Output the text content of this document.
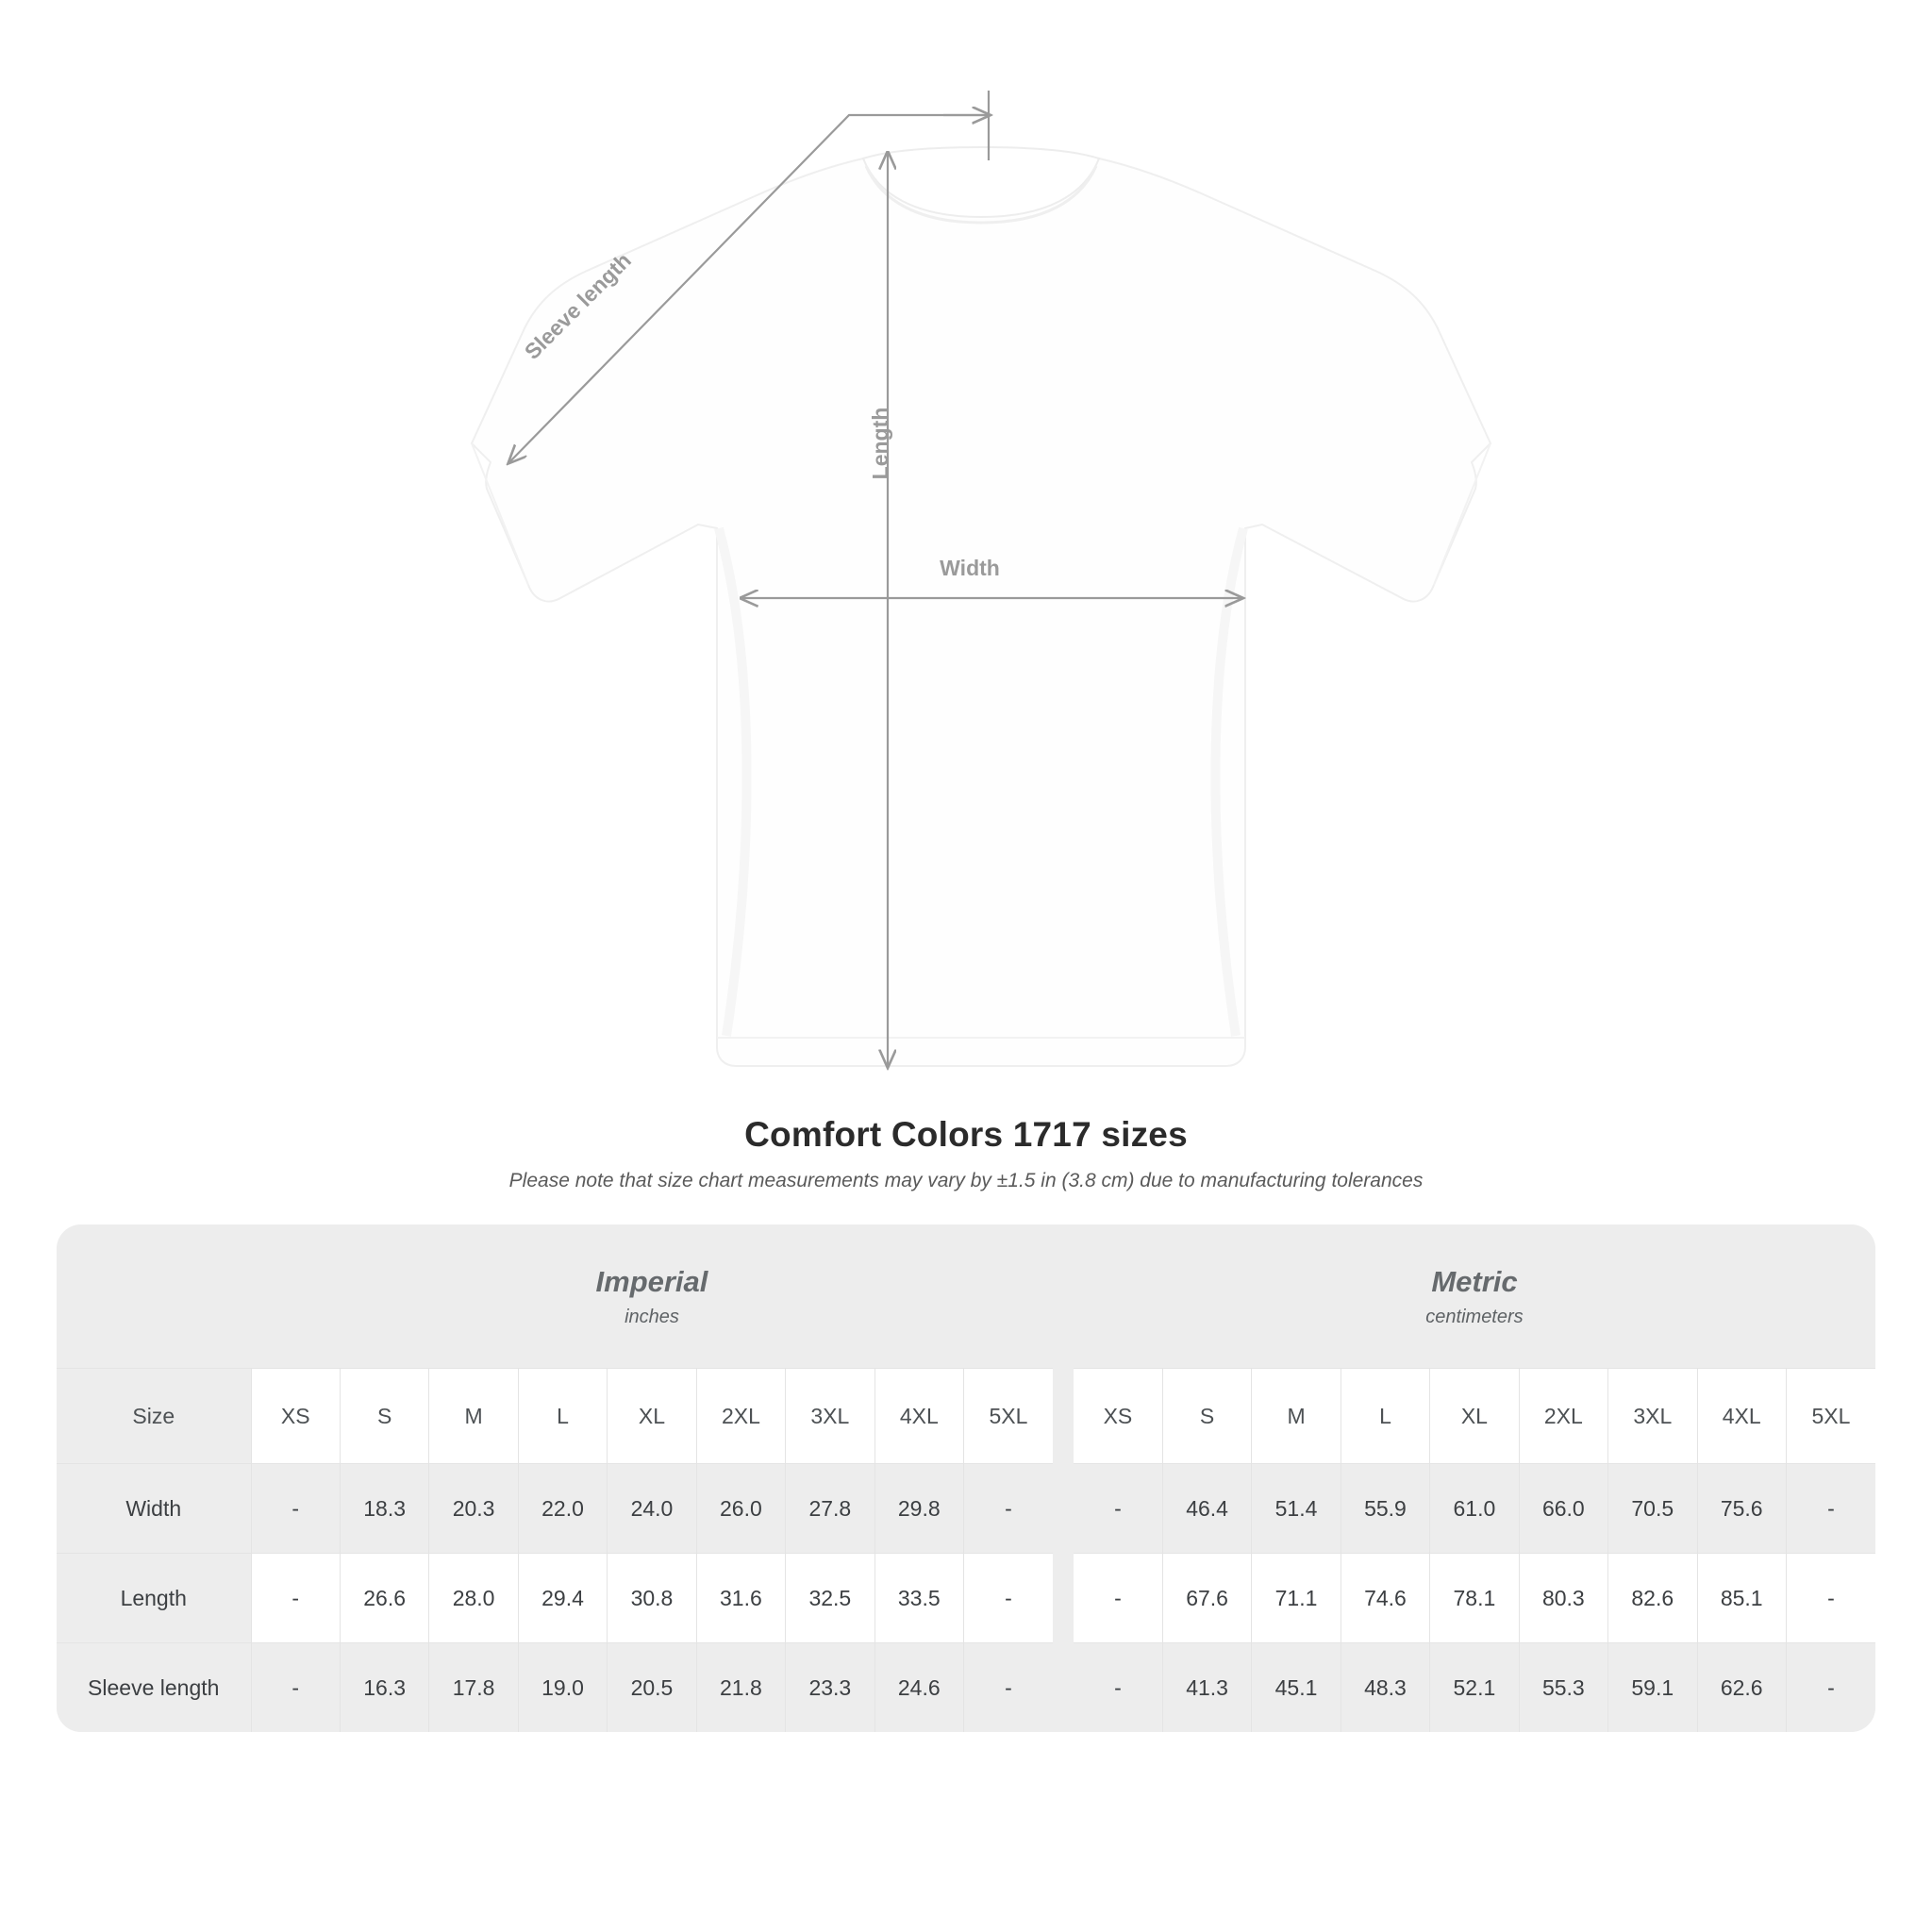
Length
Width
Sleeve length
Comfort Colors 1717 sizes
Please note that size chart measurements may vary by ±1.5 in (3.8 cm) due to manufacturing tolerances

Imperial
inches

Metric
centimeters

Size	XS	S	M	L	XL	2XL	3XL	4XL	5XL		XS	S	M	L	XL	2XL	3XL	4XL	5XL
Width	-	18.3	20.3	22.0	24.0	26.0	27.8	29.8	-		-	46.4	51.4	55.9	61.0	66.0	70.5	75.6	-
Length	-	26.6	28.0	29.4	30.8	31.6	32.5	33.5	-		-	67.6	71.1	74.6	78.1	80.3	82.6	85.1	-
Sleeve length	-	16.3	17.8	19.0	20.5	21.8	23.3	24.6	-		-	41.3	45.1	48.3	52.1	55.3	59.1	62.6	-
